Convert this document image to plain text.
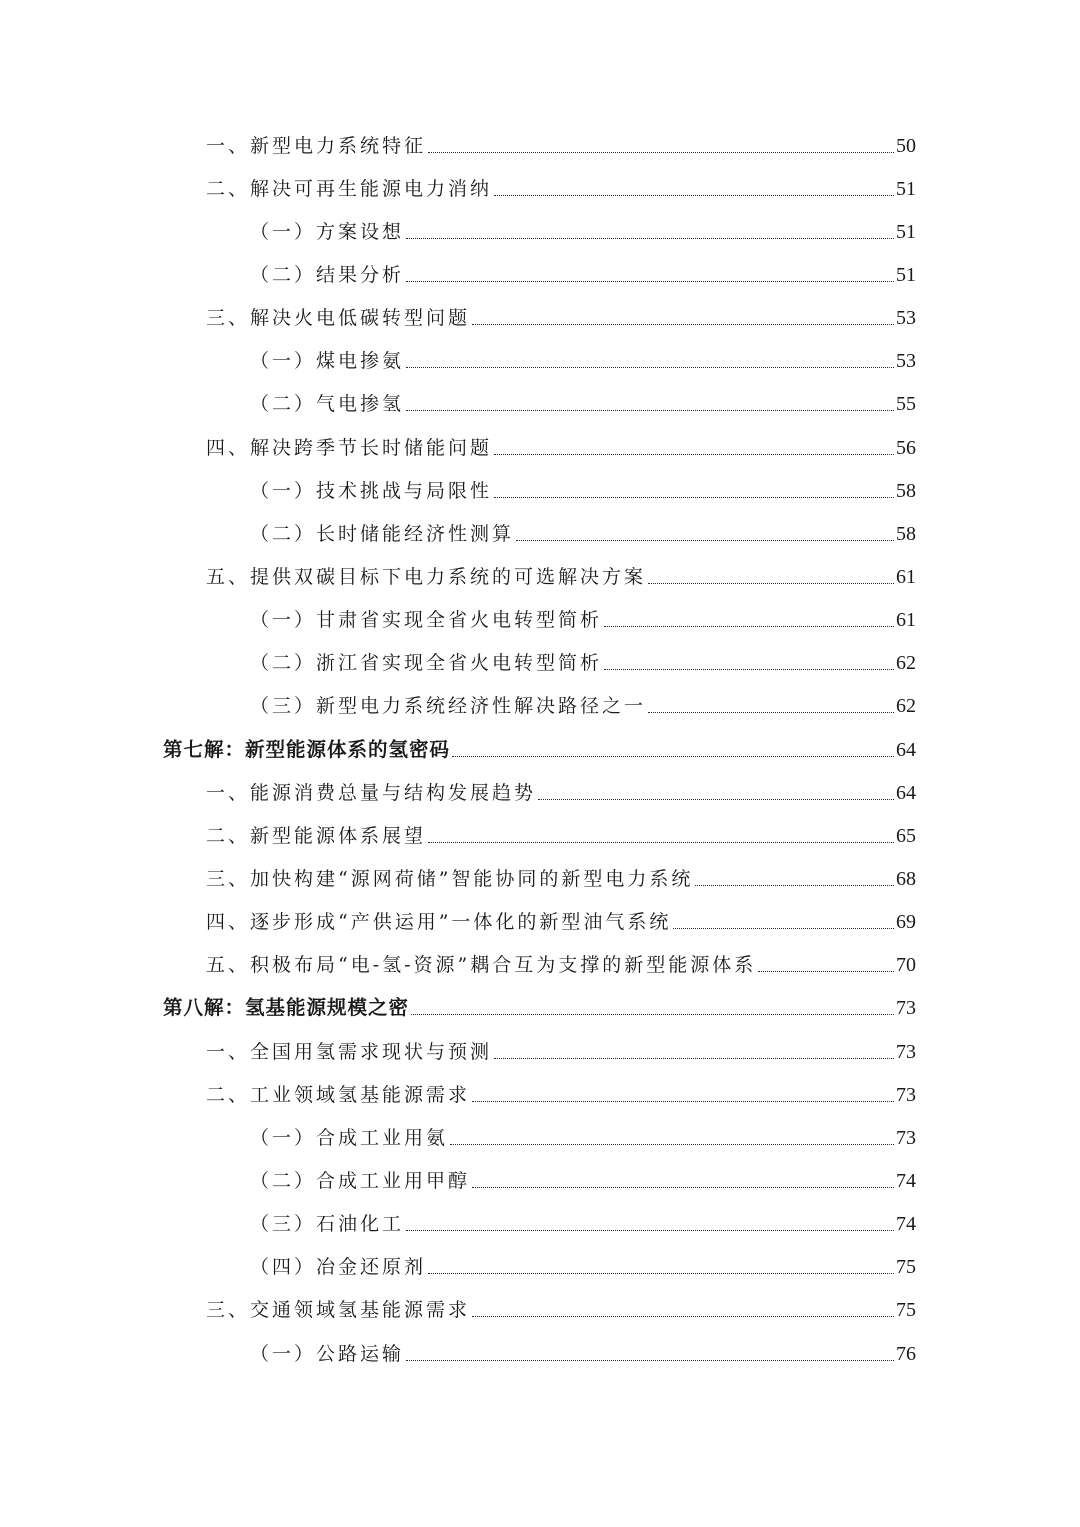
一、新型电力系统特征	50
二、解决可再生能源电力消纳	51
（一）方案设想	51
（二）结果分析	51
三、解决火电低碳转型问题	53
（一）煤电掺氨	53
（二）气电掺氢	55
四、解决跨季节长时储能问题	56
（一）技术挑战与局限性	58
（二）长时储能经济性测算	58
五、提供双碳目标下电力系统的可选解决方案	61
（一）甘肃省实现全省火电转型简析	61
（二）浙江省实现全省火电转型简析	62
（三）新型电力系统经济性解决路径之一	62
第七解：新型能源体系的氢密码	64
一、能源消费总量与结构发展趋势	64
二、新型能源体系展望	65
三、加快构建“源网荷储”智能协同的新型电力系统	68
四、逐步形成“产供运用”一体化的新型油气系统	69
五、积极布局“电-氢-资源”耦合互为支撑的新型能源体系	70
第八解：氢基能源规模之密	73
一、全国用氢需求现状与预测	73
二、工业领域氢基能源需求	73
（一）合成工业用氨	73
（二）合成工业用甲醇	74
（三）石油化工	74
（四）冶金还原剂	75
三、交通领域氢基能源需求	75
（一）公路运输	76
